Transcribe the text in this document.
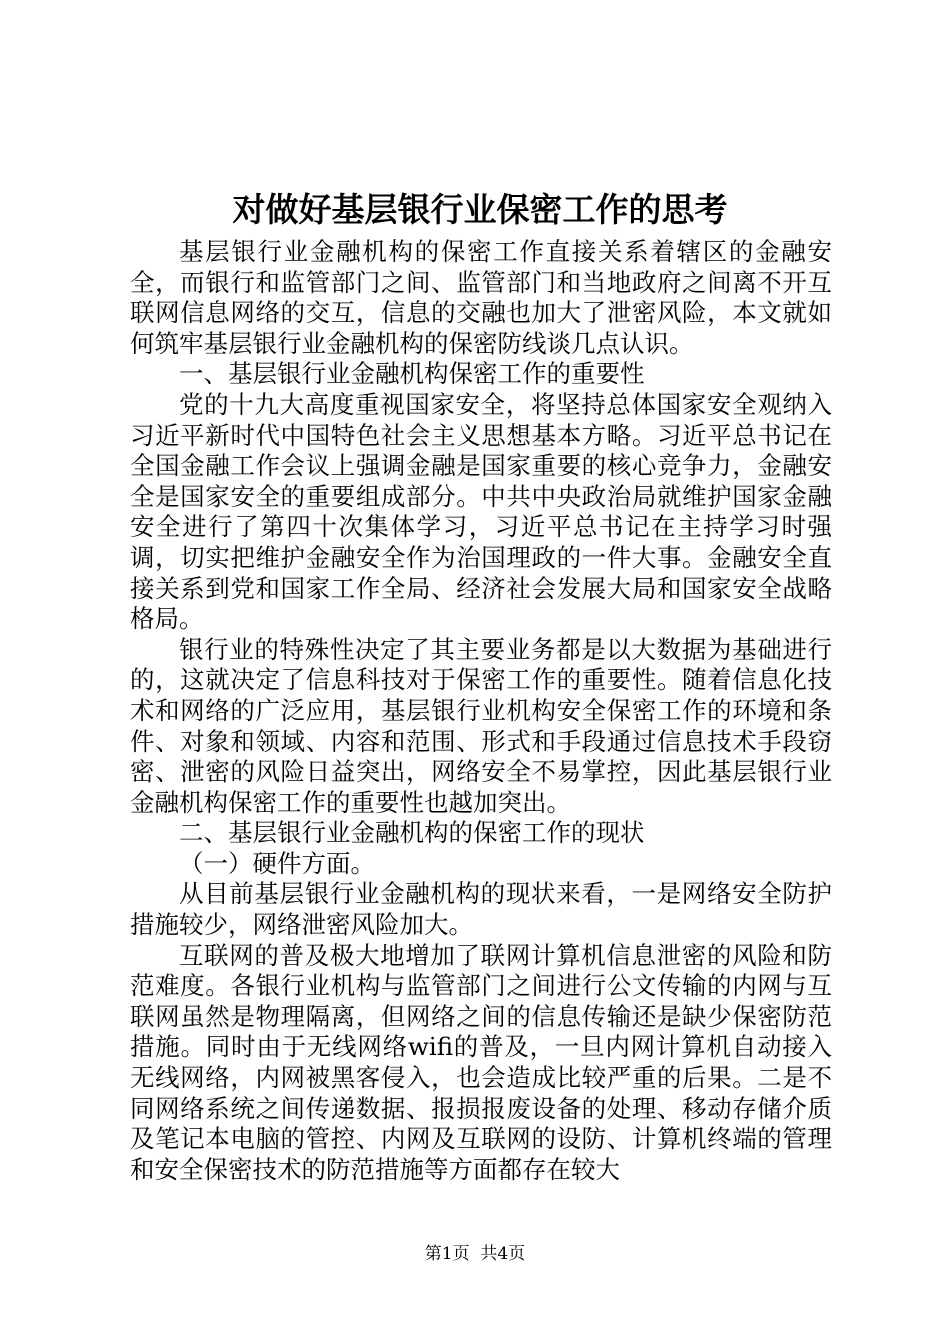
对做好基层银行业保密工作的思考

基层银行业金融机构的保密工作直接关系着辖区的金融安全，而银行和监管部门之间、监管部门和当地政府之间离不开互联网信息网络的交互，信息的交融也加大了泄密风险，本文就如何筑牢基层银行业金融机构的保密防线谈几点认识。

一、基层银行业金融机构保密工作的重要性

党的十九大高度重视国家安全，将坚持总体国家安全观纳入习近平新时代中国特色社会主义思想基本方略。习近平总书记在全国金融工作会议上强调金融是国家重要的核心竞争力，金融安全是国家安全的重要组成部分。中共中央政治局就维护国家金融安全进行了第四十次集体学习，习近平总书记在主持学习时强调，切实把维护金融安全作为治国理政的一件大事。金融安全直接关系到党和国家工作全局、经济社会发展大局和国家安全战略格局。

银行业的特殊性决定了其主要业务都是以大数据为基础进行的，这就决定了信息科技对于保密工作的重要性。随着信息化技术和网络的广泛应用，基层银行业机构安全保密工作的环境和条件、对象和领域、内容和范围、形式和手段通过信息技术手段窃密、泄密的风险日益突出，网络安全不易掌控，因此基层银行业金融机构保密工作的重要性也越加突出。

二、基层银行业金融机构的保密工作的现状

（一）硬件方面。

从目前基层银行业金融机构的现状来看，一是网络安全防护措施较少，网络泄密风险加大。

互联网的普及极大地增加了联网计算机信息泄密的风险和防范难度。各银行业机构与监管部门之间进行公文传输的内网与互联网虽然是物理隔离，但网络之间的信息传输还是缺少保密防范措施。同时由于无线网络wifi的普及，一旦内网计算机自动接入无线网络，内网被黑客侵入，也会造成比较严重的后果。二是不同网络系统之间传递数据、报损报废设备的处理、移动存储介质及笔记本电脑的管控、内网及互联网的设防、计算机终端的管理和安全保密技术的防范措施等方面都存在较大

第1页  共4页
